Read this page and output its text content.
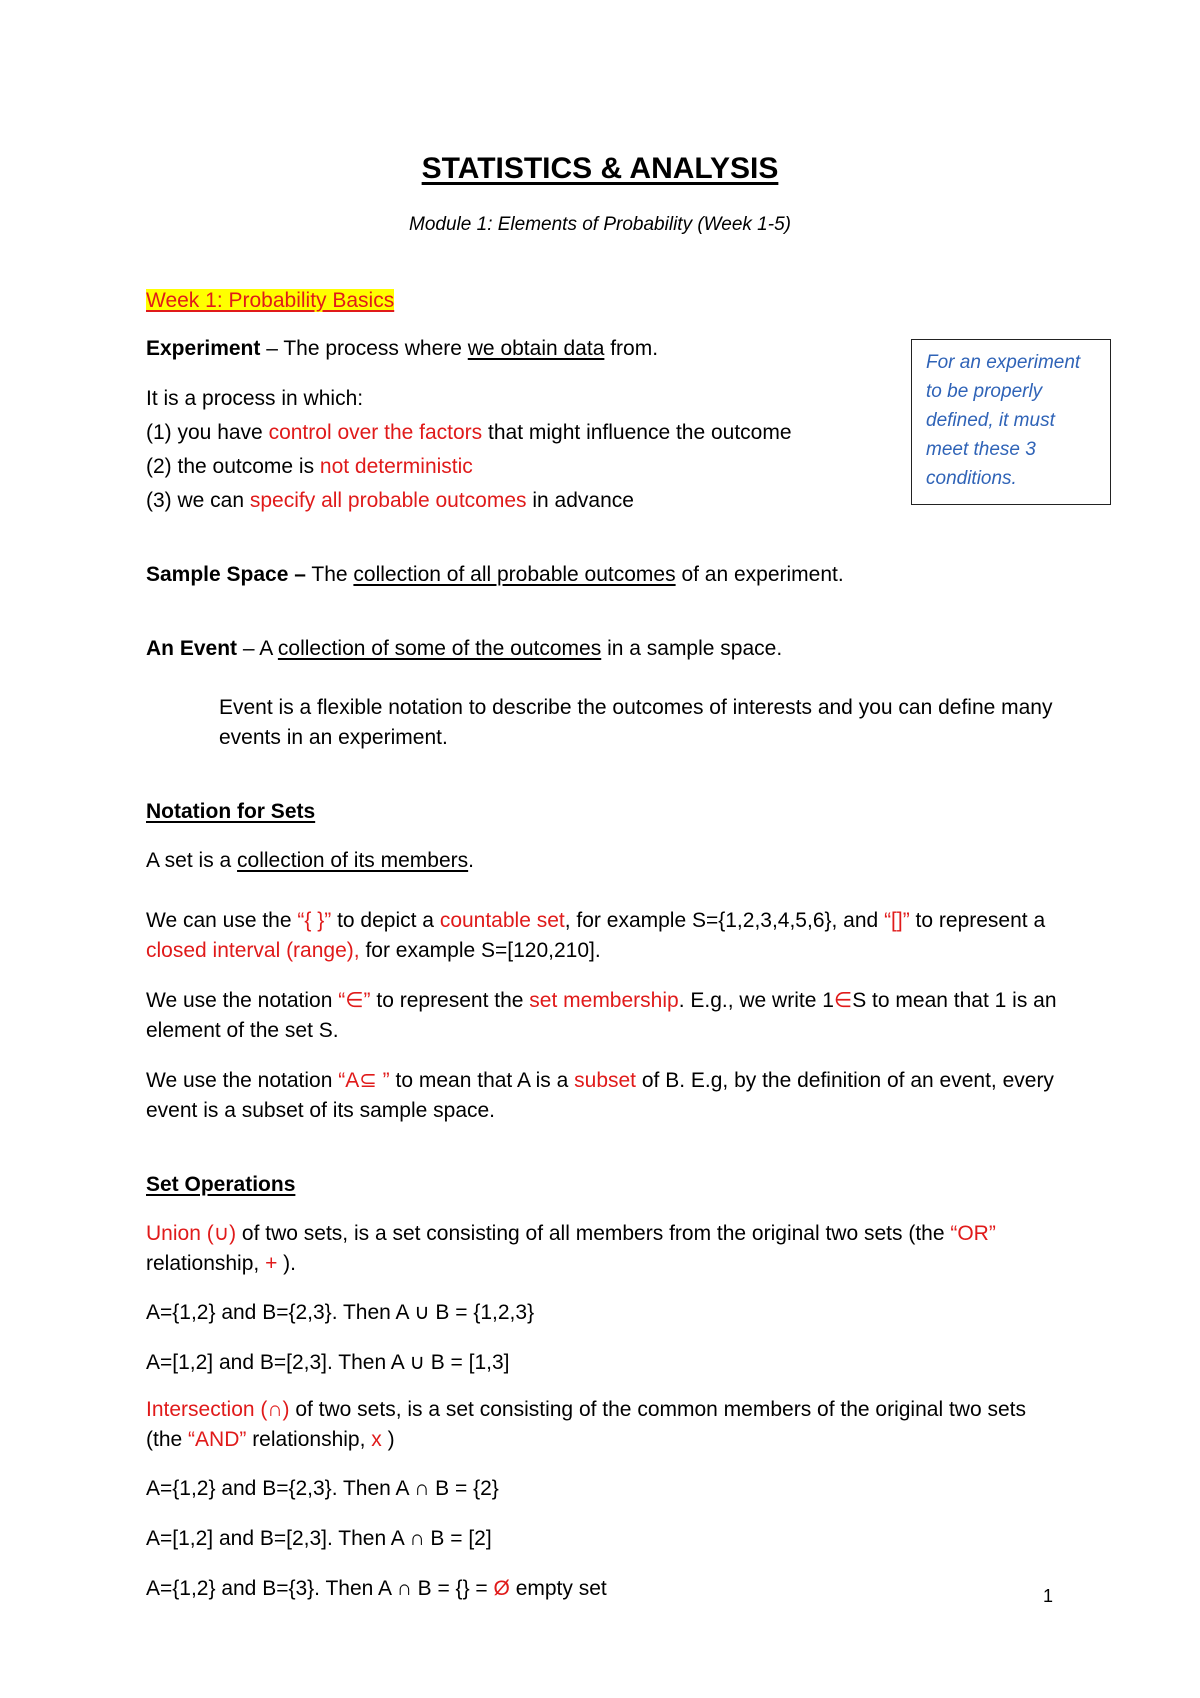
STATISTICS & ANALYSIS
Module 1: Elements of Probability (Week 1-5)
Week 1: Probability Basics
Experiment – The process where we obtain data from.
For an experiment to be properly defined, it must meet these 3 conditions.
It is a process in which:
(1) you have control over the factors that might influence the outcome
(2) the outcome is not deterministic
(3) we can specify all probable outcomes in advance
Sample Space – The collection of all probable outcomes of an experiment.
An Event – A collection of some of the outcomes in a sample space.
Event is a flexible notation to describe the outcomes of interests and you can define many events in an experiment.
Notation for Sets
A set is a collection of its members.
We can use the “{ }” to depict a countable set, for example S={1,2,3,4,5,6}, and “[]” to represent a closed interval (range), for example S=[120,210].
We use the notation “∈” to represent the set membership. E.g., we write 1∈S to mean that 1 is an element of the set S.
We use the notation “A⊆ ” to mean that A is a subset of B. E.g, by the definition of an event, every event is a subset of its sample space.
Set Operations
Union (∪) of two sets, is a set consisting of all members from the original two sets (the “OR” relationship, + ).
A={1,2} and B={2,3}. Then A ∪ B = {1,2,3}
A=[1,2] and B=[2,3]. Then A ∪ B = [1,3]
Intersection (∩) of two sets, is a set consisting of the common members of the original two sets (the “AND” relationship, x )
A={1,2} and B={2,3}. Then A ∩ B = {2}
A=[1,2] and B=[2,3]. Then A ∩ B = [2]
A={1,2} and B={3}. Then A ∩ B = {} = Ø empty set	1
